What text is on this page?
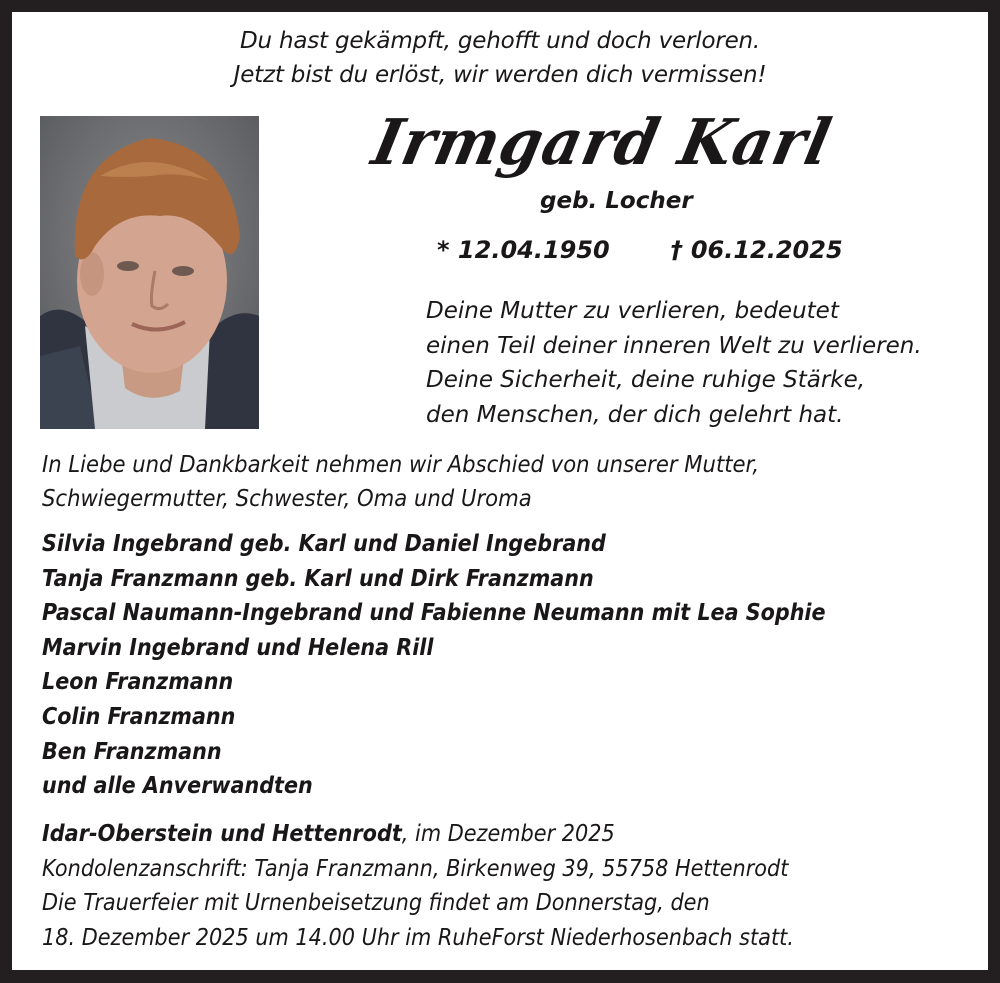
Du hast gekämpft, gehofft und doch verloren.
Jetzt bist du erlöst, wir werden dich vermissen!
Irmgard Karl
geb. Locher
* 12.04.1950	† 06.12.2025
Deine Mutter zu verlieren, bedeutet
einen Teil deiner inneren Welt zu verlieren.
Deine Sicherheit, deine ruhige Stärke,
den Menschen, der dich gelehrt hat.
In Liebe und Dankbarkeit nehmen wir Abschied von unserer Mutter,
Schwiegermutter, Schwester, Oma und Uroma
Silvia Ingebrand geb. Karl und Daniel Ingebrand
Tanja Franzmann geb. Karl und Dirk Franzmann
Pascal Naumann-Ingebrand und Fabienne Neumann mit Lea Sophie
Marvin Ingebrand und Helena Rill
Leon Franzmann
Colin Franzmann
Ben Franzmann
und alle Anverwandten
Idar-Oberstein und Hettenrodt, im Dezember 2025
Kondolenzanschrift: Tanja Franzmann, Birkenweg 39, 55758 Hettenrodt
Die Trauerfeier mit Urnenbeisetzung findet am Donnerstag, den
18. Dezember 2025 um 14.00 Uhr im RuheForst Niederhosenbach statt.
